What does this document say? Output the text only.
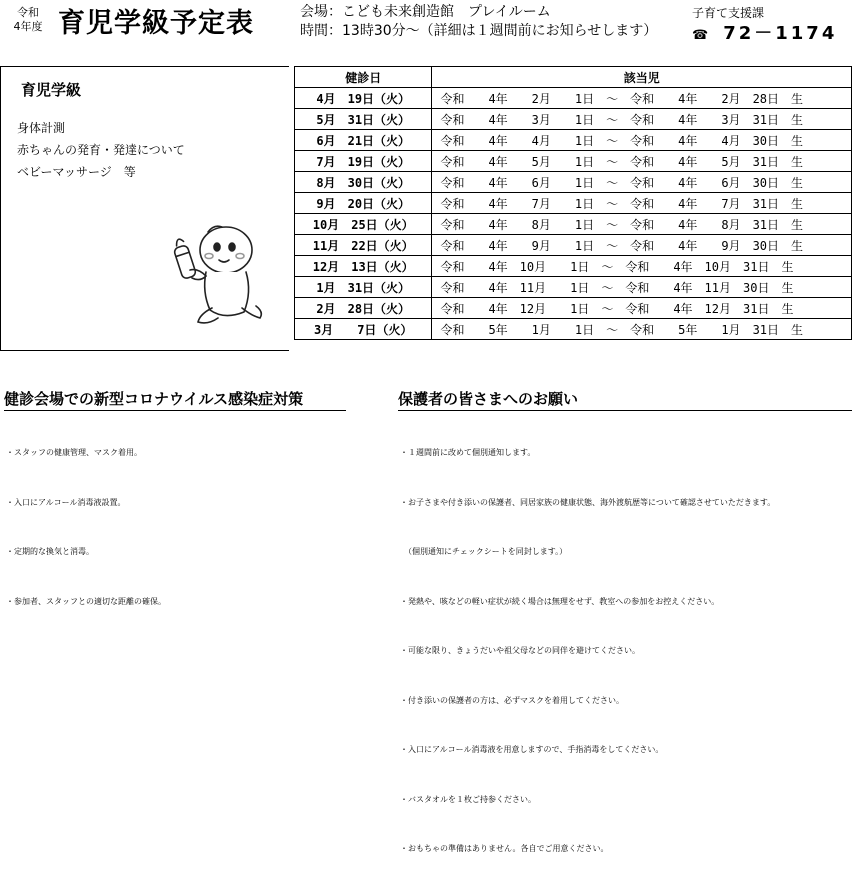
令和
4年度 育児学級予定表	会場：こども未来創造館　プレイルーム
時間：13時30分～（詳細は１週間前にお知らせします）
子育て支援課
☎ 72－1174
育児学級
身体計測
赤ちゃんの発育・発達について
ベビーマッサージ　等
健診日	該当児
4月　19日（火）	令和　　4年　　2月　　1日　～　令和　　4年　　2月　28日　生
5月　31日（火）	令和　　4年　　3月　　1日　～　令和　　4年　　3月　31日　生
6月　21日（火）	令和　　4年　　4月　　1日　～　令和　　4年　　4月　30日　生
7月　19日（火）	令和　　4年　　5月　　1日　～　令和　　4年　　5月　31日　生
8月　30日（火）	令和　　4年　　6月　　1日　～　令和　　4年　　6月　30日　生
9月　20日（火）	令和　　4年　　7月　　1日　～　令和　　4年　　7月　31日　生
10月　25日（火）	令和　　4年　　8月　　1日　～　令和　　4年　　8月　31日　生
11月　22日（火）	令和　　4年　　9月　　1日　～　令和　　4年　　9月　30日　生
12月　13日（火）	令和　　4年　10月　　1日　～　令和　　4年　10月　31日　生
1月　31日（火）	令和　　4年　11月　　1日　～　令和　　4年　11月　30日　生
2月　28日（火）	令和　　4年　12月　　1日　～　令和　　4年　12月　31日　生
3月　　7日（火）	令和　　5年　　1月　　1日　～　令和　　5年　　1月　31日　生
健診会場での新型コロナウイルス感染症対策

・スタッフの健康管理、マスク着用。

・入口にアルコール消毒液設置。

・定期的な換気と消毒。

・参加者、スタッフとの適切な距離の確保。

保護者の皆さまへのお願い

・１週間前に改めて個別通知します。

・お子さまや付き添いの保護者、同居家族の健康状態、海外渡航歴等について確認させていただきます。

　（個別通知にチェックシートを同封します。）

・発熱や、咳などの軽い症状が続く場合は無理をせず、教室への参加をお控えください。

・可能な限り、きょうだいや祖父母などの同伴を避けてください。

・付き添いの保護者の方は、必ずマスクを着用してください。

・入口にアルコール消毒液を用意しますので、手指消毒をしてください。

・バスタオルを１枚ご持参ください。

・おもちゃの準備はありません。各自でご用意ください。
